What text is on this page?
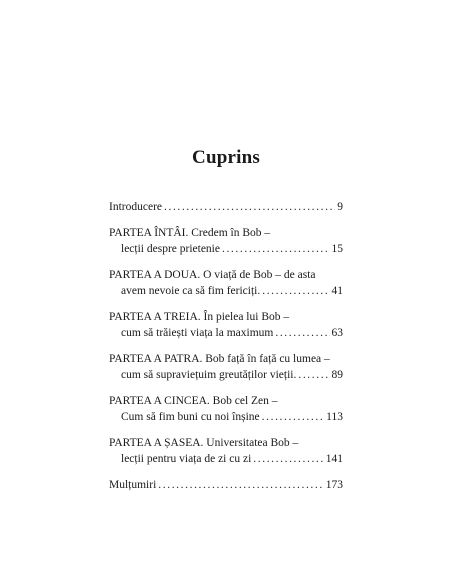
Cuprins
Introducere .....	9
PARTEA ÎNTÂI. Credem în Bob –
lecții despre prietenie .....	15
PARTEA A DOUA. O viață de Bob – de asta
avem nevoie ca să fim fericiți. .....	41
PARTEA A TREIA. În pielea lui Bob –
cum să trăiești viața la maximum .....	63
PARTEA A PATRA. Bob față în față cu lumea –
cum să supraviețuim greutăților vieții. .....	89
PARTEA A CINCEA. Bob cel Zen –
Cum să fim buni cu noi înșine .....	113
PARTEA A ȘASEA. Universitatea Bob –
lecții pentru viața de zi cu zi .....	141
Mulțumiri .....	173
